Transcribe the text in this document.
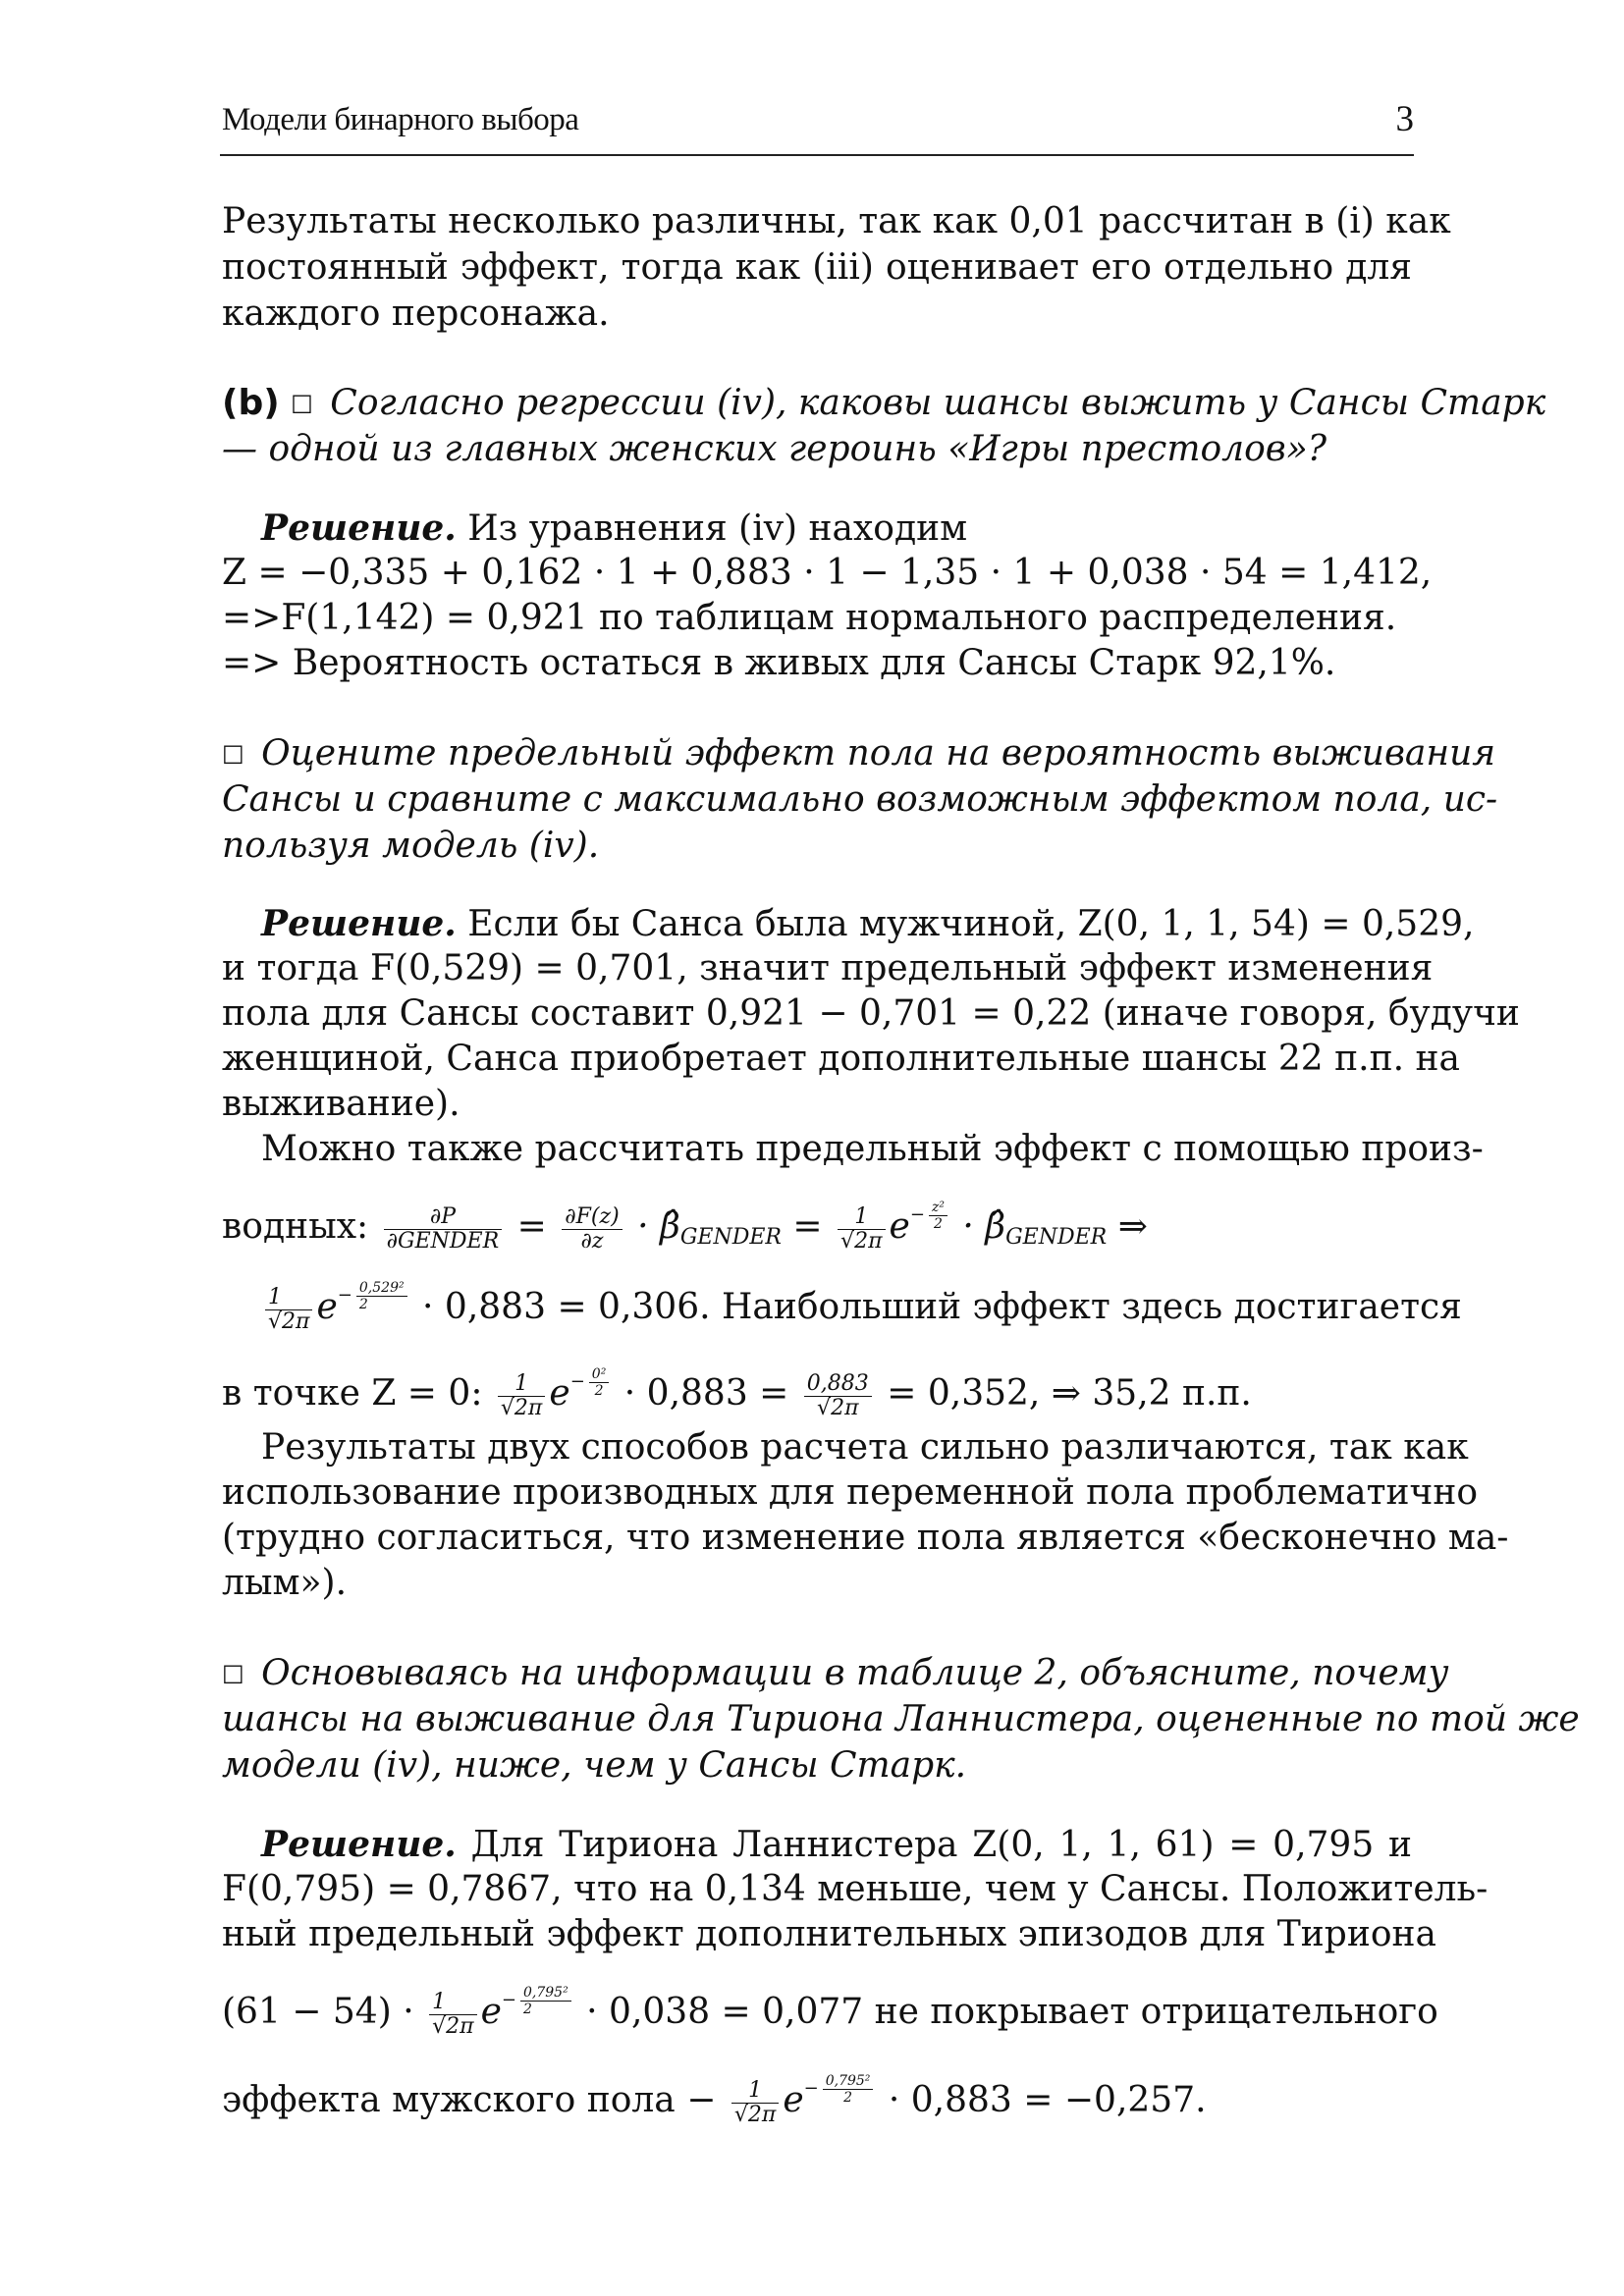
Модели бинарного выбора	3
Результаты несколько различны, так как 0,01 рассчитан в (i) как
постоянный эффект, тогда как (iii) оценивает его отдельно для
каждого персонажа.
(b) □ Согласно регрессии (iv), каковы шансы выжить у Сансы Старк
— одной из главных женских героинь «Игры престолов»?
Решение. Из уравнения (iv) находим
Z = −0,335 + 0,162 · 1 + 0,883 · 1 − 1,35 · 1 + 0,038 · 54 = 1,412,
=>F(1,142) = 0,921 по таблицам нормального распределения.
=> Вероятность остаться в живых для Сансы Старк 92,1%.
□ Оцените предельный эффект пола на вероятность выживания
Сансы и сравните с максимально возможным эффектом пола, ис-
пользуя модель (iv).
Решение. Если бы Санса была мужчиной, Z(0, 1, 1, 54) = 0,529,
и тогда F(0,529) = 0,701, значит предельный эффект изменения
пола для Сансы составит 0,921 − 0,701 = 0,22 (иначе говоря, будучи
женщиной, Санса приобретает дополнительные шансы 22 п.п. на
выживание).
Можно также рассчитать предельный эффект с помощью произ-
водных: $\frac{\partial P}{\text{∂GENDER}} = \frac{\partial F(z)}{\partial z}$ · $\betâ_{GENDER} = \frac{1}{√2\pi} e- \frac{\text{z²}}{2}$ · $\betâ_{GENDER}$ ⇒
$\frac{1}{√2\pi} e- \frac{\text{0,529²}}{2} \cdot 0,883 = 0,306$. Наибольший эффект здесь достигается
в точке Z = 0: $\frac{1}{√2\pi} e- \frac{\text{0²}}{2} \cdot 0,883 = \frac{0,883}{√2\pi} = 0,352$, ⇒ 35,2 п.п.
Результаты двух способов расчета сильно различаются, так как
использование производных для переменной пола проблематично
(трудно согласиться, что изменение пола является «бесконечно ма-
лым»).
□ Основываясь на информации в таблице 2, объясните, почему
шансы на выживание для Тириона Ланнистера, оцененные по той же
модели (iv), ниже, чем у Сансы Старк.
Решение. Для Тириона Ланнистера Z(0, 1, 1, 61) = 0,795 и
F(0,795) = 0,7867, что на 0,134 меньше, чем у Сансы. Положитель-
ный предельный эффект дополнительных эпизодов для Тириона
$(61 - 54) \cdot \frac{1}{√2\pi} e- \frac{\text{0,795²}}{2} \cdot 0,038 = 0,077$ не покрывает отрицательного
эффекта мужского пола − $\frac{1}{√2\pi} e- \frac{\text{0,795²}}{2} \cdot 0,883 = -0,257$.
